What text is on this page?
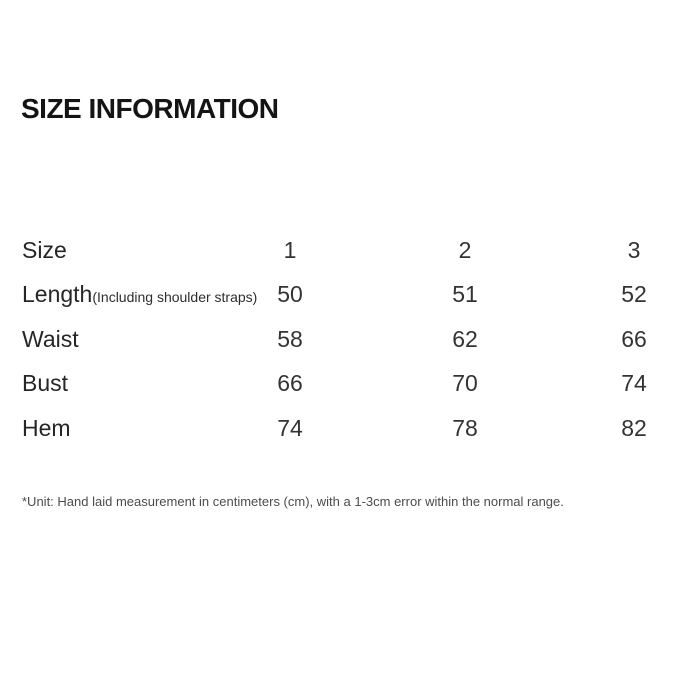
SIZE INFORMATION
Size	1	2	3
Length(Including shoulder straps) 50	51	52
Waist	58	62	66
Bust	66	70	74
Hem	74	78	82

*Unit: Hand laid measurement in centimeters (cm), with a 1-3cm error within the normal range.
